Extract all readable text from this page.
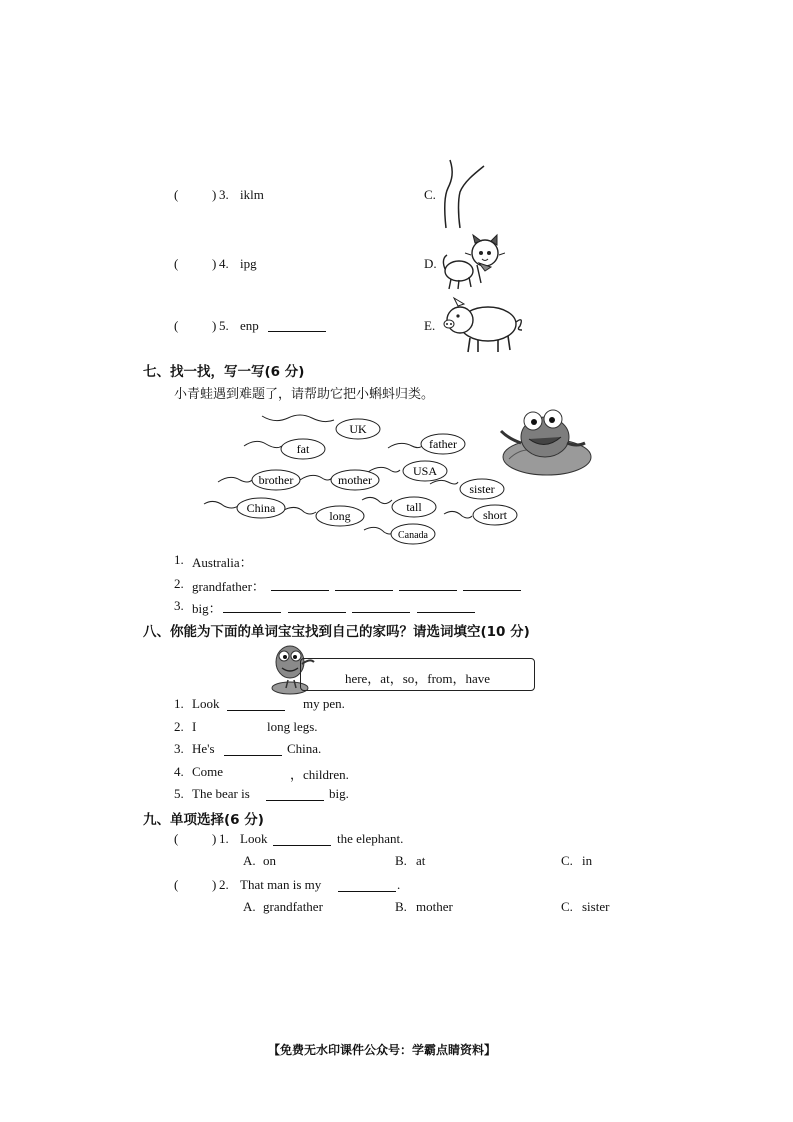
(	) 3. iklm	C.
(	) 4. ipg	D.
(	) 5. enp	E.
七、找一找，写一写(6 分)
小青蛙遇到难题了，请帮助它把小蝌蚪归类。
UK
fat	father
brother	mother
USA
sister
China
long
tall
short
Canada
1. Australia：
2. grandfather：
3. big：
八、你能为下面的单词宝宝找到自己的家吗？请选词填空(10 分)
here，at，so，from，have
1. Look	my pen.
2. I	long legs.
3. He's	China.
4. Come	，children.
5. The bear is	big.
九、单项选择(6 分)
(	) 1. Look	the elephant.
A. on	B. at	C. in
(	) 2. That man is my	.
A. grandfather	B. mother	C. sister
【免费无水印课件公众号：学霸点睛资料】
